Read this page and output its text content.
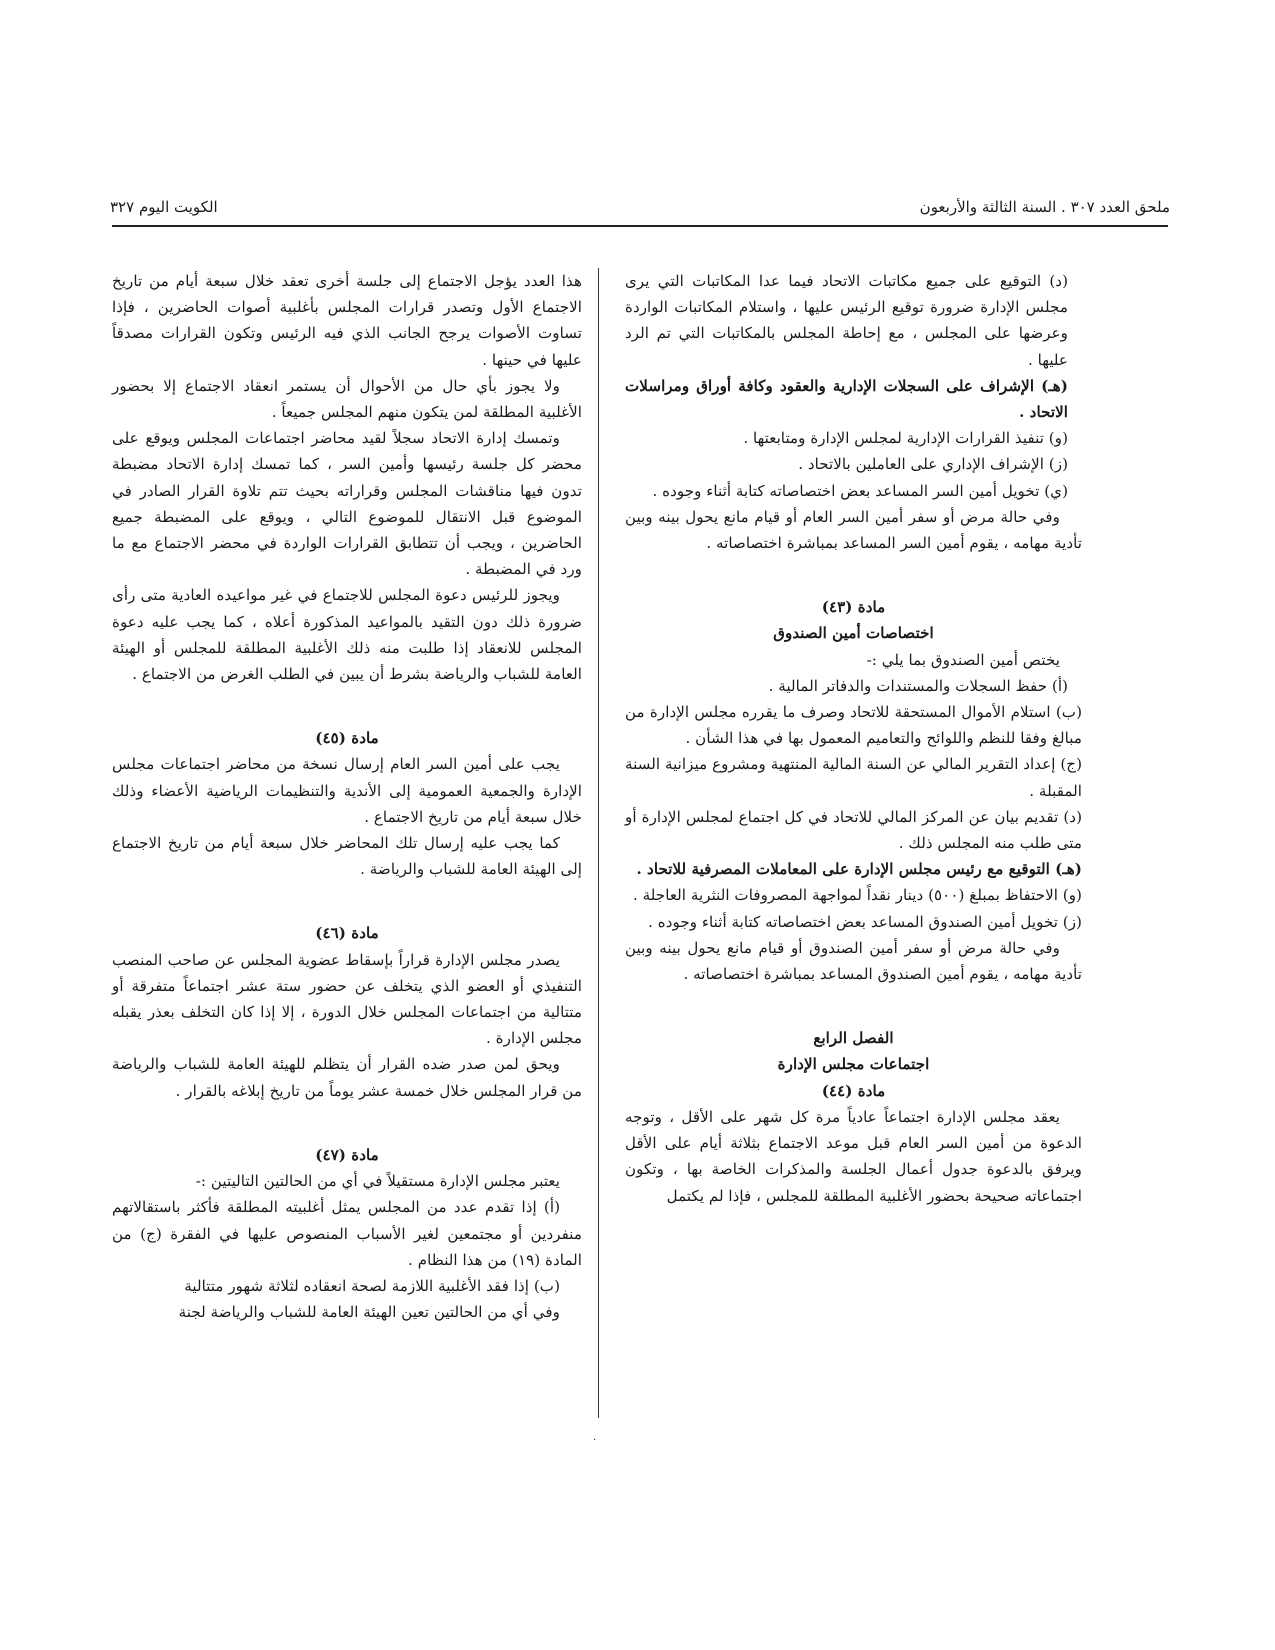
ملحق العدد ٣٠٧ . السنة الثالثة والأربعون
الكويت اليوم ٣٢٧

(د) التوقيع على جميع مكاتبات الاتحاد فيما عدا المكاتبات التي يرى مجلس الإدارة ضرورة توقيع الرئيس عليها ، واستلام المكاتبات الواردة وعرضها على المجلس ، مع إحاطة المجلس بالمكاتبات التي تم الرد عليها .

(هـ) الإشراف على السجلات الإدارية والعقود وكافة أوراق ومراسلات الاتحاد .

(و) تنفيذ القرارات الإدارية لمجلس الإدارة ومتابعتها .

(ز) الإشراف الإداري على العاملين بالاتحاد .

(ي) تخويل أمين السر المساعد بعض اختصاصاته كتابة أثناء وجوده .

وفي حالة مرض أو سفر أمين السر العام أو قيام مانع يحول بينه وبين تأدية مهامه ، يقوم أمين السر المساعد بمباشرة اختصاصاته .

مادة (٤٣)

اختصاصات أمين الصندوق

يختص أمين الصندوق بما يلي :-

(أ) حفظ السجلات والمستندات والدفاتر المالية .

(ب) استلام الأموال المستحقة للاتحاد وصرف ما يقرره مجلس الإدارة من مبالغ وفقا للنظم واللوائح والتعاميم المعمول بها في هذا الشأن .

(ج) إعداد التقرير المالي عن السنة المالية المنتهية ومشروع ميزانية السنة المقبلة .

(د) تقديم بيان عن المركز المالي للاتحاد في كل اجتماع لمجلس الإدارة أو متى طلب منه المجلس ذلك .

(هـ) التوقيع مع رئيس مجلس الإدارة على المعاملات المصرفية للاتحاد .

(و) الاحتفاظ بمبلغ (٥٠٠) دينار نقداً لمواجهة المصروفات النثرية العاجلة .

(ز) تخويل أمين الصندوق المساعد بعض اختصاصاته كتابة أثناء وجوده .

وفي حالة مرض أو سفر أمين الصندوق أو قيام مانع يحول بينه وبين تأدية مهامه ، يقوم أمين الصندوق المساعد بمباشرة اختصاصاته .

الفصل الرابع

اجتماعات مجلس الإدارة

مادة (٤٤)

يعقد مجلس الإدارة اجتماعاً عادياً مرة كل شهر على الأقل ، وتوجه الدعوة من أمين السر العام قبل موعد الاجتماع بثلاثة أيام على الأقل ويرفق بالدعوة جدول أعمال الجلسة والمذكرات الخاصة بها ، وتكون اجتماعاته صحيحة بحضور الأغلبية المطلقة للمجلس ، فإذا لم يكتمل

هذا العدد يؤجل الاجتماع إلى جلسة أخرى تعقد خلال سبعة أيام من تاريخ الاجتماع الأول وتصدر قرارات المجلس بأغلبية أصوات الحاضرين ، فإذا تساوت الأصوات يرجح الجانب الذي فيه الرئيس وتكون القرارات مصدقاً عليها في حينها .

ولا يجوز بأي حال من الأحوال أن يستمر انعقاد الاجتماع إلا بحضور الأغلبية المطلقة لمن يتكون منهم المجلس جميعاً .

وتمسك إدارة الاتحاد سجلاً لقيد محاضر اجتماعات المجلس ويوقع على محضر كل جلسة رئيسها وأمين السر ، كما تمسك إدارة الاتحاد مضبطة تدون فيها مناقشات المجلس وقراراته بحيث تتم تلاوة القرار الصادر في الموضوع قبل الانتقال للموضوع التالي ، ويوقع على المضبطة جميع الحاضرين ، ويجب أن تتطابق القرارات الواردة في محضر الاجتماع مع ما ورد في المضبطة .

ويجوز للرئيس دعوة المجلس للاجتماع في غير مواعيده العادية متى رأى ضرورة ذلك دون التقيد بالمواعيد المذكورة أعلاه ، كما يجب عليه دعوة المجلس للانعقاد إذا طلبت منه ذلك الأغلبية المطلقة للمجلس أو الهيئة العامة للشباب والرياضة بشرط أن يبين في الطلب الغرض من الاجتماع .

مادة (٤٥)

يجب على أمين السر العام إرسال نسخة من محاضر اجتماعات مجلس الإدارة والجمعية العمومية إلى الأندية والتنظيمات الرياضية الأعضاء وذلك خلال سبعة أيام من تاريخ الاجتماع .

كما يجب عليه إرسال تلك المحاضر خلال سبعة أيام من تاريخ الاجتماع إلى الهيئة العامة للشباب والرياضة .

مادة (٤٦)

يصدر مجلس الإدارة قراراً بإسقاط عضوية المجلس عن صاحب المنصب التنفيذي أو العضو الذي يتخلف عن حضور ستة عشر اجتماعاً متفرقة أو متتالية من اجتماعات المجلس خلال الدورة ، إلا إذا كان التخلف بعذر يقبله مجلس الإدارة .

ويحق لمن صدر ضده القرار أن يتظلم للهيئة العامة للشباب والرياضة من قرار المجلس خلال خمسة عشر يوماً من تاريخ إبلاغه بالقرار .

مادة (٤٧)

يعتبر مجلس الإدارة مستقيلاً في أي من الحالتين التاليتين :-

(أ) إذا تقدم عدد من المجلس يمثل أغلبيته المطلقة فأكثر باستقالاتهم منفردين أو مجتمعين لغير الأسباب المنصوص عليها في الفقرة (ج) من المادة (١٩) من هذا النظام .

(ب) إذا فقد الأغلبية اللازمة لصحة انعقاده لثلاثة شهور متتالية

وفي أي من الحالتين تعين الهيئة العامة للشباب والرياضة لجنة

·
